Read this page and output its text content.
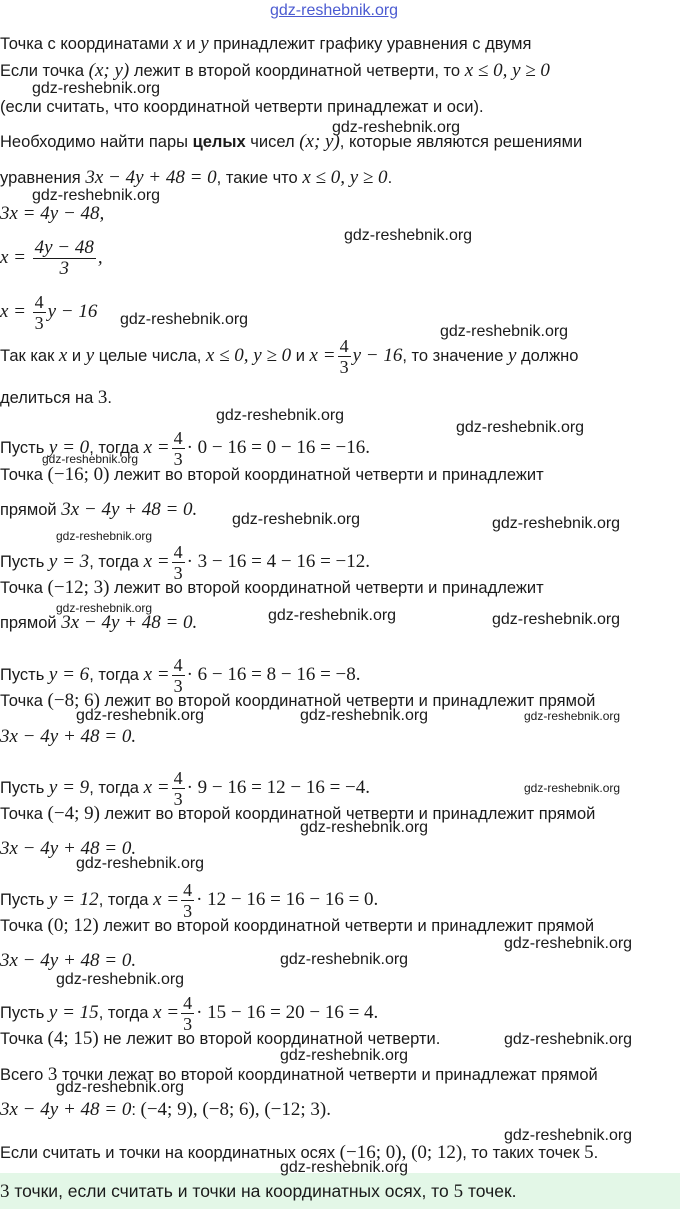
gdz-reshebnik.org
Точка с координатами x и y принадлежит графику уравнения с двумя
Если точка (x; y) лежит в второй координатной четверти, то x ≤ 0, y ≥ 0
(если считать, что координатной четверти принадлежат и оси).
Необходимо найти пары целых чисел (x; y), которые являются решениями
уравнения 3x − 4y + 48 = 0, такие что x ≤ 0, y ≥ 0.
3x = 4y − 48,
$x = \frac{4y - 48}{3}$ ,
$x = \frac{4}{3}$ y − 16
Так как x и y целые числа, x ≤ 0, y ≥ 0 и $x = \frac{4}{3}$ y − 16, то значение y должно
делиться на 3.
Пусть y = 0, тогда $x = \frac{4}{3} \cdot 0 - 16 = 0 - 16 = -16$.
Точка (−16; 0) лежит во второй координатной четверти и принадлежит
прямой 3x − 4y + 48 = 0.
Пусть y = 3, тогда $x = \frac{4}{3} \cdot 3 - 16 = 4 - 16 = -12$.
Точка (−12; 3) лежит во второй координатной четверти и принадлежит
прямой 3x − 4y + 48 = 0.
Пусть y = 6, тогда $x = \frac{4}{3} \cdot 6 - 16 = 8 - 16 = -8$.
Точка (−8; 6) лежит во второй координатной четверти и принадлежит прямой
3x − 4y + 48 = 0.
Пусть y = 9, тогда $x = \frac{4}{3} \cdot 9 - 16 = 12 - 16 = -4$.
Точка (−4; 9) лежит во второй координатной четверти и принадлежит прямой
3x − 4y + 48 = 0.
Пусть y = 12, тогда $x = \frac{4}{3} \cdot 12 - 16 = 16 - 16 = 0$.
Точка (0; 12) лежит во второй координатной четверти и принадлежит прямой
3x − 4y + 48 = 0.
Пусть y = 15, тогда $x = \frac{4}{3} \cdot 15 - 16 = 20 - 16 = 4$.
Точка (4; 15) не лежит во второй координатной четверти.
Всего 3 точки лежат во второй координатной четверти и принадлежат прямой
3x − 4y + 48 = 0: (−4; 9), (−8; 6), (−12; 3).
Если считать и точки на координатных осях (−16; 0), (0; 12), то таких точек 5.
3 точки, если считать и точки на координатных осях, то 5 точек.
gdz-reshebnik.org
gdz-reshebnik.org
gdz-reshebnik.org
gdz-reshebnik.org
gdz-reshebnik.org
gdz-reshebnik.org
gdz-reshebnik.org
gdz-reshebnik.org
gdz-reshebnik.org
gdz-reshebnik.org	gdz-reshebnik.org
gdz-reshebnik.org
gdz-reshebnik.org	gdz-reshebnik.org	gdz-reshebnik.org
gdz-reshebnik.org	gdz-reshebnik.org	gdz-reshebnik.org
gdz-reshebnik.org
gdz-reshebnik.org
gdz-reshebnik.org
gdz-reshebnik.org
gdz-reshebnik.org
gdz-reshebnik.org
gdz-reshebnik.org
gdz-reshebnik.org
gdz-reshebnik.org
gdz-reshebnik.org
gdz-reshebnik.org
